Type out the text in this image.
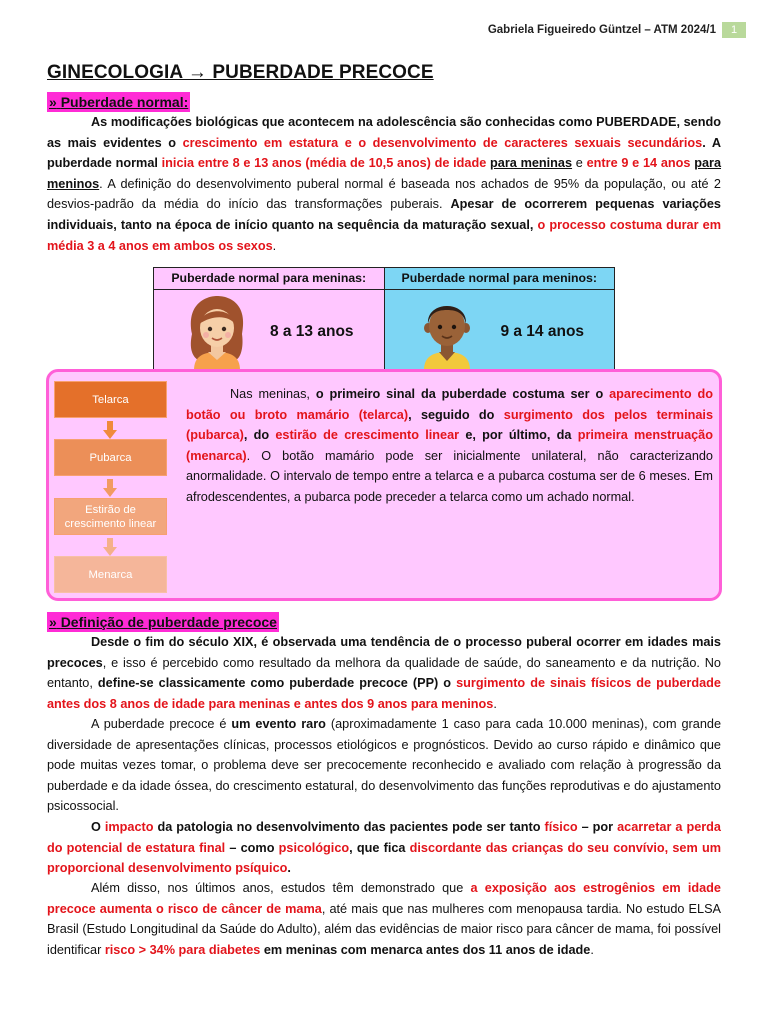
Gabriela Figueiredo Güntzel – ATM 2024/1	1
GINECOLOGIA → PUBERDADE PRECOCE
» Puberdade normal:
As modificações biológicas que acontecem na adolescência são conhecidas como PUBERDADE, sendo as mais evidentes o crescimento em estatura e o desenvolvimento de caracteres sexuais secundários. A puberdade normal inicia entre 8 e 13 anos (média de 10,5 anos) de idade para meninas e entre 9 e 14 anos para meninos. A definição do desenvolvimento puberal normal é baseada nos achados de 95% da população, ou até 2 desvios-padrão da média do início das transformações puberais. Apesar de ocorrerem pequenas variações individuais, tanto na época de início quanto na sequência da maturação sexual, o processo costuma durar em média 3 a 4 anos em ambos os sexos.
Puberdade normal para meninas:
8 a 13 anos
Puberdade normal para meninos:
9 a 14 anos
Telarca
Pubarca
Estirão de crescimento linear
Menarca
Nas meninas, o primeiro sinal da puberdade costuma ser o aparecimento do botão ou broto mamário (telarca), seguido do surgimento dos pelos terminais (pubarca), do estirão de crescimento linear e, por último, da primeira menstruação (menarca). O botão mamário pode ser inicialmente unilateral, não caracterizando anormalidade. O intervalo de tempo entre a telarca e a pubarca costuma ser de 6 meses. Em afrodescendentes, a pubarca pode preceder a telarca como um achado normal.
» Definição de puberdade precoce
Desde o fim do século XIX, é observada uma tendência de o processo puberal ocorrer em idades mais precoces, e isso é percebido como resultado da melhora da qualidade de saúde, do saneamento e da nutrição. No entanto, define-se classicamente como puberdade precoce (PP) o surgimento de sinais físicos de puberdade antes dos 8 anos de idade para meninas e antes dos 9 anos para meninos.
A puberdade precoce é um evento raro (aproximadamente 1 caso para cada 10.000 meninas), com grande diversidade de apresentações clínicas, processos etiológicos e prognósticos. Devido ao curso rápido e dinâmico que pode muitas vezes tomar, o problema deve ser precocemente reconhecido e avaliado com relação à progressão da puberdade e da idade óssea, do crescimento estatural, do desenvolvimento das funções reprodutivas e do ajustamento psicossocial.
O impacto da patologia no desenvolvimento das pacientes pode ser tanto físico – por acarretar a perda do potencial de estatura final – como psicológico, que fica discordante das crianças do seu convívio, sem um proporcional desenvolvimento psíquico.
Além disso, nos últimos anos, estudos têm demonstrado que a exposição aos estrogênios em idade precoce aumenta o risco de câncer de mama, até mais que nas mulheres com menopausa tardia. No estudo ELSA Brasil (Estudo Longitudinal da Saúde do Adulto), além das evidências de maior risco para câncer de mama, foi possível identificar risco > 34% para diabetes em meninas com menarca antes dos 11 anos de idade.
